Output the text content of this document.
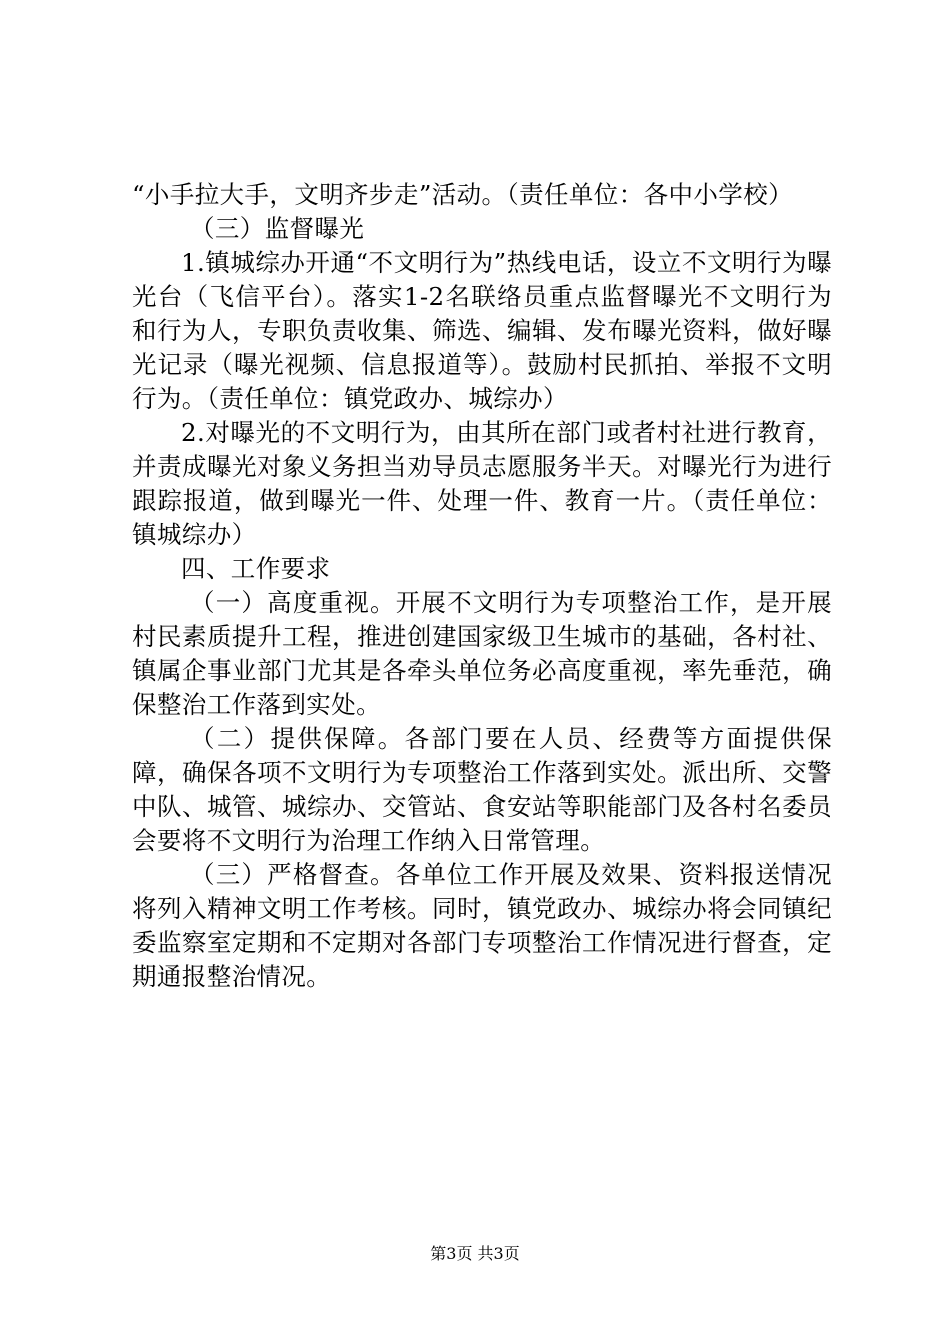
“小手拉大手，文明齐步走”活动。（责任单位：各中小学校）

（三）监督曝光

1.镇城综办开通“不文明行为”热线电话，设立不文明行为曝光台（飞信平台）。落实1-2名联络员重点监督曝光不文明行为和行为人，专职负责收集、筛选、编辑、发布曝光资料，做好曝光记录（曝光视频、信息报道等）。鼓励村民抓拍、举报不文明行为。（责任单位：镇党政办、城综办）

2.对曝光的不文明行为，由其所在部门或者村社进行教育，并责成曝光对象义务担当劝导员志愿服务半天。对曝光行为进行跟踪报道，做到曝光一件、处理一件、教育一片。（责任单位：镇城综办）

四、工作要求

（一）高度重视。开展不文明行为专项整治工作，是开展村民素质提升工程，推进创建国家级卫生城市的基础，各村社、镇属企事业部门尤其是各牵头单位务必高度重视，率先垂范，确保整治工作落到实处。

（二）提供保障。各部门要在人员、经费等方面提供保障，确保各项不文明行为专项整治工作落到实处。派出所、交警中队、城管、城综办、交管站、食安站等职能部门及各村名委员会要将不文明行为治理工作纳入日常管理。

（三）严格督查。各单位工作开展及效果、资料报送情况将列入精神文明工作考核。同时，镇党政办、城综办将会同镇纪委监察室定期和不定期对各部门专项整治工作情况进行督查，定期通报整治情况。

第3页 共3页
